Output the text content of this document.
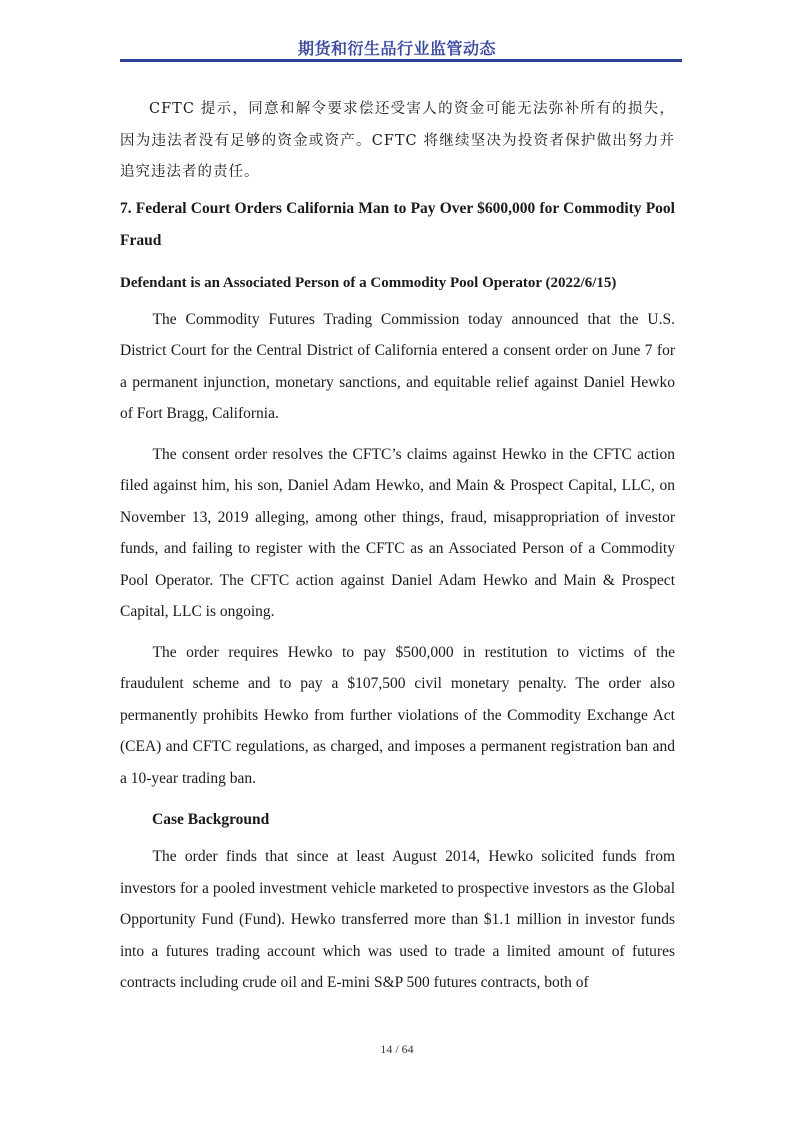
期货和衍生品行业监管动态

CFTC 提示，同意和解令要求偿还受害人的资金可能无法弥补所有的损失，因为违法者没有足够的资金或资产。CFTC 将继续坚决为投资者保护做出努力并追究违法者的责任。

7. Federal Court Orders California Man to Pay Over $600,000 for Commodity Pool Fraud
Defendant is an Associated Person of a Commodity Pool Operator (2022/6/15)

The Commodity Futures Trading Commission today announced that the U.S. District Court for the Central District of California entered a consent order on June 7 for a permanent injunction, monetary sanctions, and equitable relief against Daniel Hewko of Fort Bragg, California.

The consent order resolves the CFTC’s claims against Hewko in the CFTC action filed against him, his son, Daniel Adam Hewko, and Main & Prospect Capital, LLC, on November 13, 2019 alleging, among other things, fraud, misappropriation of investor funds, and failing to register with the CFTC as an Associated Person of a Commodity Pool Operator. The CFTC action against Daniel Adam Hewko and Main & Prospect Capital, LLC is ongoing.

The order requires Hewko to pay $500,000 in restitution to victims of the fraudulent scheme and to pay a $107,500 civil monetary penalty. The order also permanently prohibits Hewko from further violations of the Commodity Exchange Act (CEA) and CFTC regulations, as charged, and imposes a permanent registration ban and a 10-year trading ban.

Case Background

The order finds that since at least August 2014, Hewko solicited funds from investors for a pooled investment vehicle marketed to prospective investors as the Global Opportunity Fund (Fund). Hewko transferred more than $1.1 million in investor funds into a futures trading account which was used to trade a limited amount of futures contracts including crude oil and E-mini S&P 500 futures contracts, both of

14 / 64
